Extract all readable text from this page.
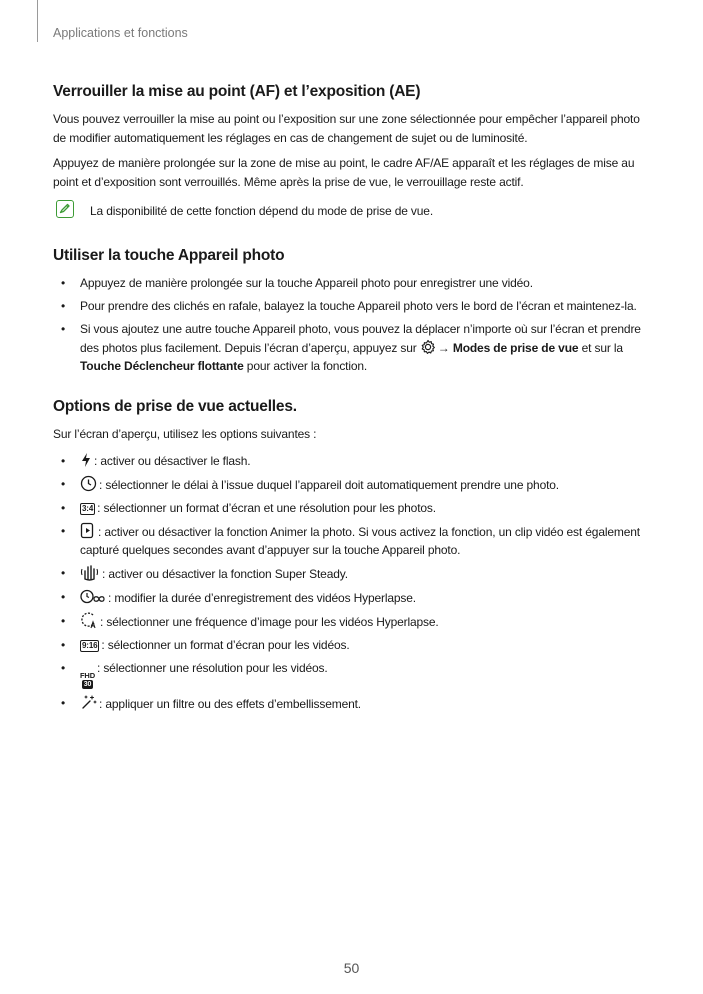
Applications et fonctions
Verrouiller la mise au point (AF) et l’exposition (AE)

Vous pouvez verrouiller la mise au point ou l’exposition sur une zone sélectionnée pour empêcher l’appareil photo de modifier automatiquement les réglages en cas de changement de sujet ou de luminosité.

Appuyez de manière prolongée sur la zone de mise au point, le cadre AF/AE apparaît et les réglages de mise au point et d’exposition sont verrouillés. Même après la prise de vue, le verrouillage reste actif.

La disponibilité de cette fonction dépend du mode de prise de vue.

Utiliser la touche Appareil photo
• Appuyez de manière prolongée sur la touche Appareil photo pour enregistrer une vidéo.
• Pour prendre des clichés en rafale, balayez la touche Appareil photo vers le bord de l’écran et maintenez-la.
• Si vous ajoutez une autre touche Appareil photo, vous pouvez la déplacer n’importe où sur l’écran et prendre des photos plus facilement. Depuis l’écran d’aperçu, appuyez sur → Modes de prise de vue et sur la Touche Déclencheur flottante pour activer la fonction.
Options de prise de vue actuelles.

Sur l’écran d’aperçu, utilisez les options suivantes :

• : activer ou désactiver le flash.
•	: sélectionner le délai à l’issue duquel l’appareil doit automatiquement prendre une photo.
• 3:4 : sélectionner un format d’écran et une résolution pour les photos.
•	: activer ou désactiver la fonction Animer la photo. Si vous activez la fonction, un clip vidéo est également capturé quelques secondes avant d’appuyer sur la touche Appareil photo.
•	: activer ou désactiver la fonction Super Steady.
•	: modifier la durée d’enregistrement des vidéos Hyperlapse.
•	: sélectionner une fréquence d’image pour les vidéos Hyperlapse.
• 9:16 : sélectionner un format d’écran pour les vidéos.
•
FHD
30
: sélectionner une résolution pour les vidéos.
•	: appliquer un filtre ou des effets d’embellissement.
50
